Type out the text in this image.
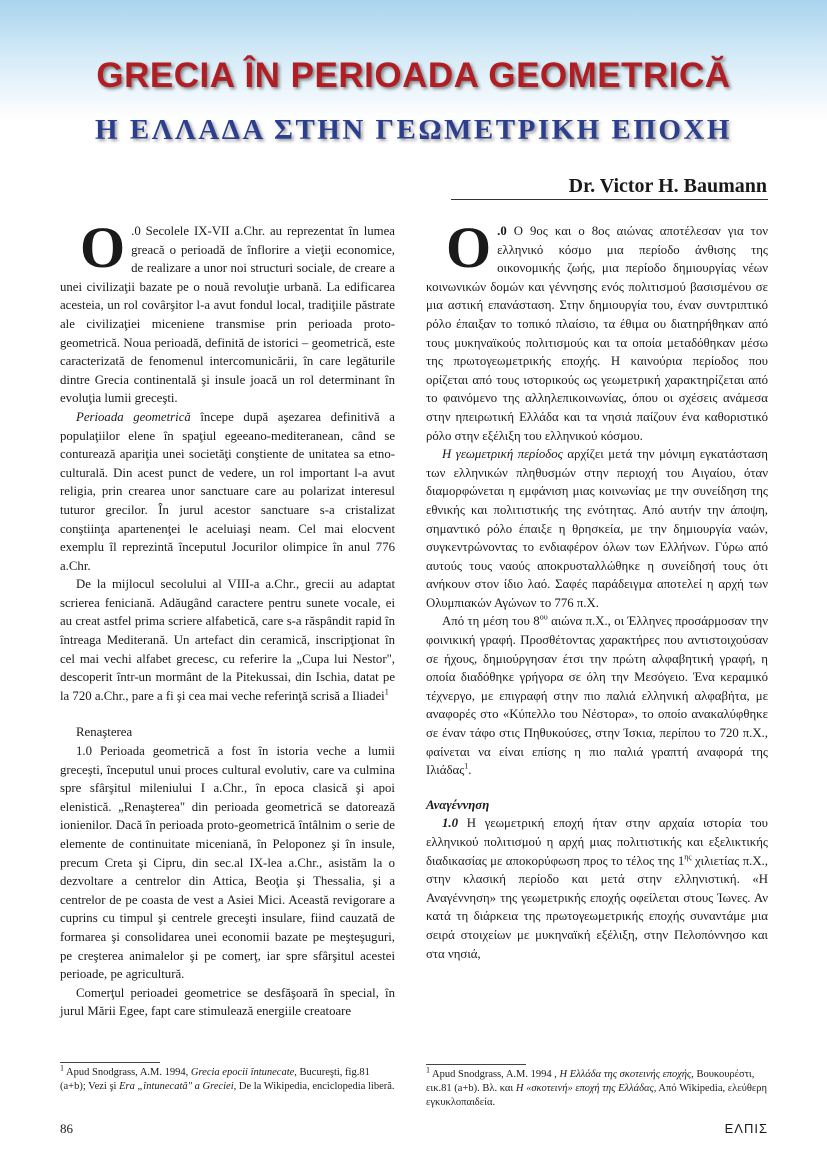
GRECIA ÎN PERIOADA GEOMETRICĂ
Η ΕΛΛΑΔΑ ΣΤΗΝ ΓΕΩΜΕΤΡΙΚΗ ΕΠΟΧΗ
Dr. Victor H. Baumann

O .0 Secolele IX-VII a.Chr. au reprezentat în lumea greacă o perioadă de înflorire a vieţii economice, de realizare a unor noi structuri sociale, de creare a unei civilizaţii bazate pe o nouă revoluţie urbană. La edificarea acesteia, un rol covârşitor l-a avut fondul local, tradiţiile păstrate ale civilizaţiei miceniene transmise prin perioada proto-geometrică. Noua perioadă, definită de istorici – geometrică, este caracterizată de fenomenul intercomunicării, în care legăturile dintre Grecia continentală şi insule joacă un rol determinant în evoluţia lumii greceşti.

Perioada geometrică începe după aşezarea definitivă a populaţiilor elene în spaţiul egeeano-mediteranean, când se conturează apariţia unei societăţi conştiente de unitatea sa etno-culturală. Din acest punct de vedere, un rol important l-a avut religia, prin crearea unor sanctuare care au polarizat interesul tuturor grecilor. În jurul acestor sanctuare s-a cristalizat conştiinţa apartenenţei le aceluiaşi neam. Cel mai elocvent exemplu îl reprezintă începutul Jocurilor olimpice în anul 776 a.Chr.

De la mijlocul secolului al VIII-a a.Chr., grecii au adaptat scrierea feniciană. Adăugând caractere pentru sunete vocale, ei au creat astfel prima scriere alfabetică, care s-a răspândit rapid în întreaga Mediterană. Un artefact din ceramică, inscripţionat în cel mai vechi alfabet grecesc, cu referire la „Cupa lui Nestor", descoperit într-un mormânt de la Pitekussai, din Ischia, datat pe la 720 a.Chr., pare a fi şi cea mai veche referinţă scrisă a Iliadei$^1$

Renaşterea

1.0 Perioada geometrică a fost în istoria veche a lumii greceşti, începutul unui proces cultural evolutiv, care va culmina spre sfârşitul mileniului I a.Chr., în epoca clasică şi apoi elenistică. „Renaşterea" din perioada geometrică se datorează ionienilor. Dacă în perioada proto-geometrică întâlnim o serie de elemente de continuitate miceniană, în Peloponez şi în insule, precum Creta şi Cipru, din sec.al IX-lea a.Chr., asistăm la o dezvoltare a centrelor din Attica, Beoţia şi Thessalia, şi a centrelor de pe coasta de vest a Asiei Mici. Această revigorare a cuprins cu timpul şi centrele greceşti insulare, fiind cauzată de formarea şi consolidarea unei economii bazate pe meşteşuguri, pe creşterea animalelor şi pe comerţ, iar spre sfârşitul acestei perioade, pe agricultură.

Comerţul perioadei geometrice se desfăşoară în special, în jurul Mării Egee, fapt care stimulează energiile creatoare

O .0 Ο 9ος και ο 8ος αιώνας αποτέλεσαν για τον ελληνικό κόσμο μια περίοδο άνθισης της οικονομικής ζωής, μια περίοδο δημιουργίας νέων κοινωνικών δομών και γέννησης ενός πολιτισμού βασισμένου σε μια αστική επανάσταση. Στην δημιουργία του, έναν συντριπτικό ρόλο έπαιξαν το τοπικό πλαίσιο, τα έθιμα ου διατηρήθηκαν από τους μυκηναϊκούς πολιτισμούς και τα οποία μεταδόθηκαν μέσω της πρωτογεωμετρικής εποχής. Η καινούρια περίοδος που ορίζεται από τους ιστορικούς ως γεωμετρική χαρακτηρίζεται από το φαινόμενο της αλληλεπικοινωνίας, όπου οι σχέσεις ανάμεσα στην ηπειρωτική Ελλάδα και τα νησιά παίζουν ένα καθοριστικό ρόλο στην εξέλιξη του ελληνικού κόσμου.

Η γεωμετρική περίοδος αρχίζει μετά την μόνιμη εγκατάσταση των ελληνικών πληθυσμών στην περιοχή του Αιγαίου, όταν διαμορφώνεται η εμφάνιση μιας κοινωνίας με την συνείδηση της εθνικής και πολιτιστικής της ενότητας. Από αυτήν την άποψη, σημαντικό ρόλο έπαιξε η θρησκεία, με την δημιουργία ναών, συγκεντρώνοντας το ενδιαφέρον όλων των Ελλήνων. Γύρω από αυτούς τους ναούς αποκρυσταλλώθηκε η συνείδησή τους ότι ανήκουν στον ίδιο λαό. Σαφές παράδειγμα αποτελεί η αρχή των Ολυμπιακών Αγώνων το 776 π.Χ.

Από τη μέση του $8^{o\upsilon}$ αιώνα π.Χ., οι Έλληνες προσάρμοσαν την φοινικική γραφή. Προσθέτοντας χαρακτήρες που αντιστοιχούσαν σε ήχους, δημιούργησαν έτσι την πρώτη αλφαβητική γραφή, η οποία διαδόθηκε γρήγορα σε όλη την Μεσόγειο. Ένα κεραμικό τέχνεργο, με επιγραφή στην πιο παλιά ελληνική αλφαβήτα, με αναφορές στο «Κύπελλο του Νέστορα», το οποίο ανακαλύφθηκε σε έναν τάφο στις Πηθυκούσες, στην Ίσκια, περίπου το 720 π.Χ., φαίνεται να είναι επίσης η πιο παλιά γραπτή αναφορά της Ιλιάδας$^1$.

Αναγέννηση

1.0 Η γεωμετρική εποχή ήταν στην αρχαία ιστορία του ελληνικού πολιτισμού η αρχή μιας πολιτιστικής και εξελικτικής διαδικασίας με αποκορύφωση προς το τέλος της $1^{\eta\varsigma}$ χιλιετίας π.Χ., στην κλασική περίοδο και μετά στην ελληνιστική. «Η Αναγέννηση» της γεωμετρικής εποχής οφείλεται στους Ίωνες. Αν κατά τη διάρκεια της πρωτογεωμετρικής εποχής συναντάμε μια σειρά στοιχείων με μυκηναϊκή εξέλιξη, στην Πελοπόννησο και στα νησιά,

$^1$ Apud Snodgrass, A.M. 1994, Grecia epocii întunecate, Bucureşti, fig.81 (a+b); Vezi şi Era „întunecată" a Greciei, De la Wikipedia, enciclopedia liberă.
$^1$ Apud Snodgrass, A.M. 1994 , Η Ελλάδα της σκοτεινής εποχής, Βουκουρέστι, εικ.81 (a+b). Βλ. και Η «σκοτεινή» εποχή της Ελλάδας, Από Wikipedia, ελεύθερη εγκυκλοπαιδεία.
86	ΕΛΠΙΣ
